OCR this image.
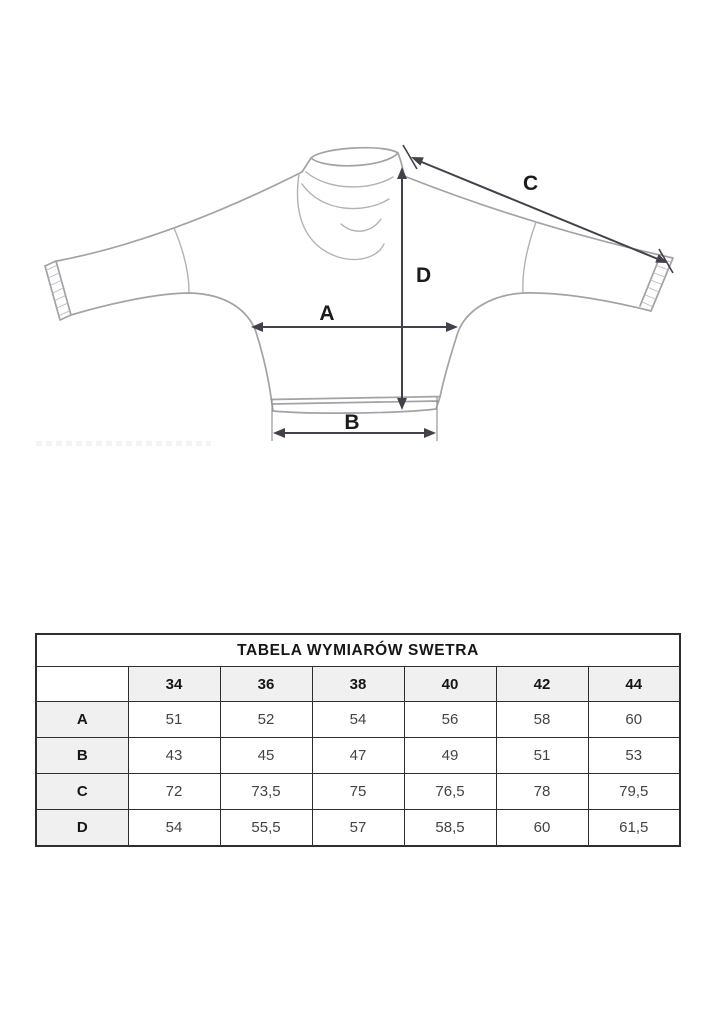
A
B
C
D
TABELA WYMIARÓW SWETRA						
	34	36	38	40	42	44
A	51	52	54	56	58	60
B	43	45	47	49	51	53
C	72	73,5	75	76,5	78	79,5
D	54	55,5	57	58,5	60	61,5
